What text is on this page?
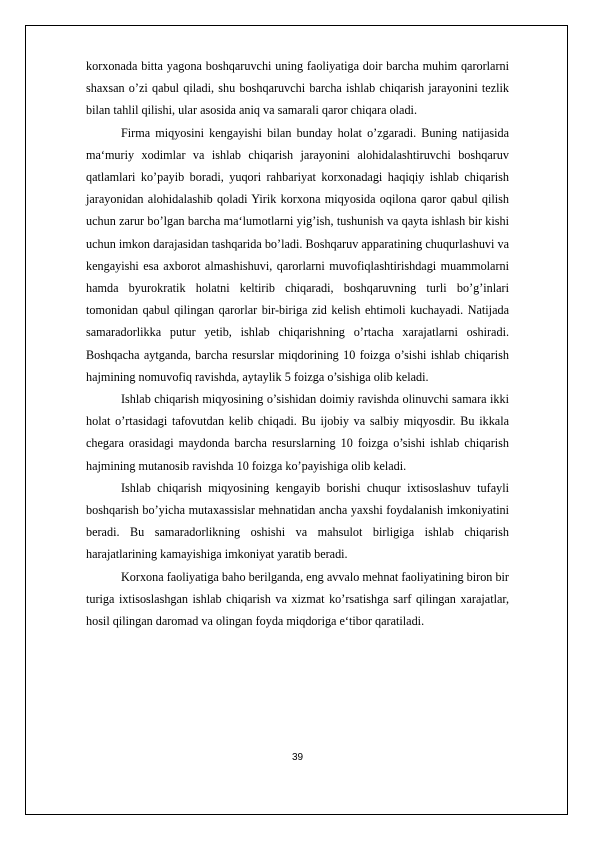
korxonada bitta yagona boshqaruvchi uning faoliyatiga doir barcha muhim qarorlarni shaxsan o’zi qabul qiladi, shu boshqaruvchi barcha ishlab chiqarish jarayonini tezlik bilan tahlil qilishi, ular asosida aniq va samarali qaror chiqara oladi.

Firma miqyosini kengayishi bilan bunday holat o’zgaradi. Buning natijasida ma‘muriy xodimlar va ishlab chiqarish jarayonini alohidalashtiruvchi boshqaruv qatlamlari ko’payib boradi, yuqori rahbariyat korxonadagi haqiqiy ishlab chiqarish jarayonidan alohidalashib qoladi Yirik korxona miqyosida oqilona qaror qabul qilish uchun zarur bo’lgan barcha ma‘lumotlarni yig’ish, tushunish va qayta ishlash bir kishi uchun imkon darajasidan tashqarida bo’ladi. Boshqaruv apparatining chuqurlashuvi va kengayishi esa axborot almashishuvi, qarorlarni muvofiqlashtirishdagi muammolarni hamda byurokratik holatni keltirib chiqaradi, boshqaruvning turli bo’g’inlari tomonidan qabul qilingan qarorlar bir-biriga zid kelish ehtimoli kuchayadi. Natijada samaradorlikka putur yetib, ishlab chiqarishning o’rtacha xarajatlarni oshiradi. Boshqacha aytganda, barcha resurslar miqdorining 10 foizga o’sishi ishlab chiqarish hajmining nomuvofiq ravishda, aytaylik 5 foizga o’sishiga olib keladi.

Ishlab chiqarish miqyosining o’sishidan doimiy ravishda olinuvchi samara ikki holat o’rtasidagi tafovutdan kelib chiqadi. Bu ijobiy va salbiy miqyosdir. Bu ikkala chegara orasidagi maydonda barcha resurslarning 10 foizga o’sishi ishlab chiqarish hajmining mutanosib ravishda 10 foizga ko’payishiga olib keladi.

Ishlab chiqarish miqyosining kengayib borishi chuqur ixtisoslashuv tufayli boshqarish bo’yicha mutaxassislar mehnatidan ancha yaxshi foydalanish imkoniyatini beradi. Bu samaradorlikning oshishi va mahsulot birligiga ishlab chiqarish harajatlarining kamayishiga imkoniyat yaratib beradi.

Korxona faoliyatiga baho berilganda, eng avvalo mehnat faoliyatining biron bir turiga ixtisoslashgan ishlab chiqarish va xizmat ko’rsatishga sarf qilingan xarajatlar, hosil qilingan daromad va olingan foyda miqdoriga e‘tibor qaratiladi.

39
